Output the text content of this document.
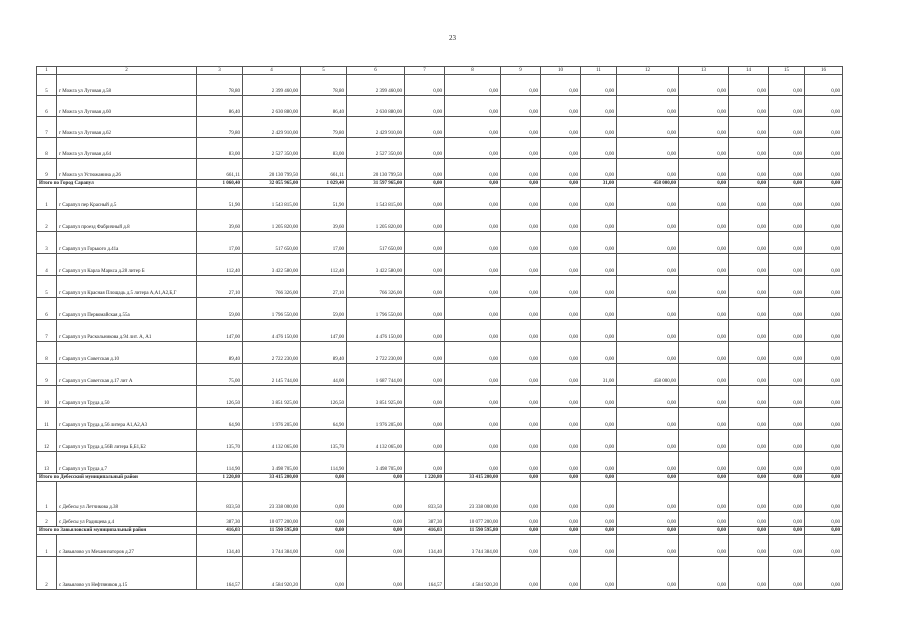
23
1	2	3	4	5	6	7	8	9	10	11	12	13	14	15	16
5	г Можга ул Луговая д.58	78,80	2 399 460,00	78,80	2 399 460,00	0,00	0,00	0,00	0,00	0,00	0,00	0,00	0,00	0,00	0,00
6	г Можга ул Луговая д.60	86,40	2 630 880,00	86,40	2 630 880,00	0,00	0,00	0,00	0,00	0,00	0,00	0,00	0,00	0,00	0,00
7	г Можга ул Луговая д.62	79,80	2 429 910,00	79,80	2 429 910,00	0,00	0,00	0,00	0,00	0,00	0,00	0,00	0,00	0,00	0,00
8	г Можга ул Луговая д.64	83,00	2 527 350,00	83,00	2 527 350,00	0,00	0,00	0,00	0,00	0,00	0,00	0,00	0,00	0,00	0,00
9	г Можга ул Устюжанина д.26	661,11	20 130 799,50	661,11	20 130 799,50	0,00	0,00	0,00	0,00	0,00	0,00	0,00	0,00	0,00	0,00
Итого по Город Сарапул		1 060,40	32 055 965,00	1 029,40	31 597 965,00	0,00	0,00	0,00	0,00	31,00	458 000,00	0,00	0,00	0,00	0,00
1	г Сарапул пер Красный д.5	51,90	1 543 815,00	51,90	1 543 815,00	0,00	0,00	0,00	0,00	0,00	0,00	0,00	0,00	0,00	0,00
2	г Сарапул проезд Фабричный д.8	39,60	1 205 820,00	39,60	1 205 820,00	0,00	0,00	0,00	0,00	0,00	0,00	0,00	0,00	0,00	0,00
3	г Сарапул ул Горького д.41а	17,00	517 650,00	17,00	517 650,00	0,00	0,00	0,00	0,00	0,00	0,00	0,00	0,00	0,00	0,00
4	г Сарапул ул Карла Маркса д.28 литер Б	112,40	3 422 580,00	112,40	3 422 580,00	0,00	0,00	0,00	0,00	0,00	0,00	0,00	0,00	0,00	0,00
5	г Сарапул ул Красная Площадь д.5 литера А,А1,А2,Б,Г	27,10	766 326,00	27,10	766 326,00	0,00	0,00	0,00	0,00	0,00	0,00	0,00	0,00	0,00	0,00
6	г Сарапул ул Первомайская д.55а	59,00	1 796 550,00	59,00	1 796 550,00	0,00	0,00	0,00	0,00	0,00	0,00	0,00	0,00	0,00	0,00
7	г Сарапул ул Раскольникова д.94 лит. А, А1	147,00	4 476 150,00	147,00	4 476 150,00	0,00	0,00	0,00	0,00	0,00	0,00	0,00	0,00	0,00	0,00
8	г Сарапул ул Советская д.10	89,40	2 722 230,00	89,40	2 722 230,00	0,00	0,00	0,00	0,00	0,00	0,00	0,00	0,00	0,00	0,00
9	г Сарапул ул Советская д.17 лит А	75,00	2 145 744,00	44,00	1 687 744,00	0,00	0,00	0,00	0,00	31,00	458 000,00	0,00	0,00	0,00	0,00
10	г Сарапул ул Труда д.50	126,50	3 851 925,00	126,50	3 851 925,00	0,00	0,00	0,00	0,00	0,00	0,00	0,00	0,00	0,00	0,00
11	г Сарапул ул Труда д.56 литера А1,А2,А3	64,90	1 976 205,00	64,90	1 976 205,00	0,00	0,00	0,00	0,00	0,00	0,00	0,00	0,00	0,00	0,00
12	г Сарапул ул Труда д.56В литера Б,Б1,Б2	135,70	4 132 065,00	135,70	4 132 065,00	0,00	0,00	0,00	0,00	0,00	0,00	0,00	0,00	0,00	0,00
13	г Сарапул ул Труда д.7	114,90	3 498 705,00	114,90	3 498 705,00	0,00	0,00	0,00	0,00	0,00	0,00	0,00	0,00	0,00	0,00
Итого по Дебесский муниципальный район		1 220,80	33 415 200,00	0,00	0,00	1 220,80	33 415 200,00	0,00	0,00	0,00	0,00	0,00	0,00	0,00	0,00
1	с Дебесы ул Летчикова д.38	833,50	23 338 000,00	0,00	0,00	833,50	23 338 000,00	0,00	0,00	0,00	0,00	0,00	0,00	0,00	0,00
2	с Дебесы ул Радищева д.4	387,30	10 077 200,00	0,00	0,00	387,30	10 077 200,00	0,00	0,00	0,00	0,00	0,00	0,00	0,00	0,00
Итого по Завьяловский муниципальный район		416,03	11 590 595,80	0,00	0,00	416,03	11 590 595,80	0,00	0,00	0,00	0,00	0,00	0,00	0,00	0,00
1	с Завьялово ул Механизаторов д.27	134,40	3 744 384,00	0,00	0,00	134,40	3 744 384,00	0,00	0,00	0,00	0,00	0,00	0,00	0,00	0,00
2	с Завьялово ул Нефтяников д.15	164,57	4 584 920,20	0,00	0,00	164,57	4 584 920,20	0,00	0,00	0,00	0,00	0,00	0,00	0,00	0,00
